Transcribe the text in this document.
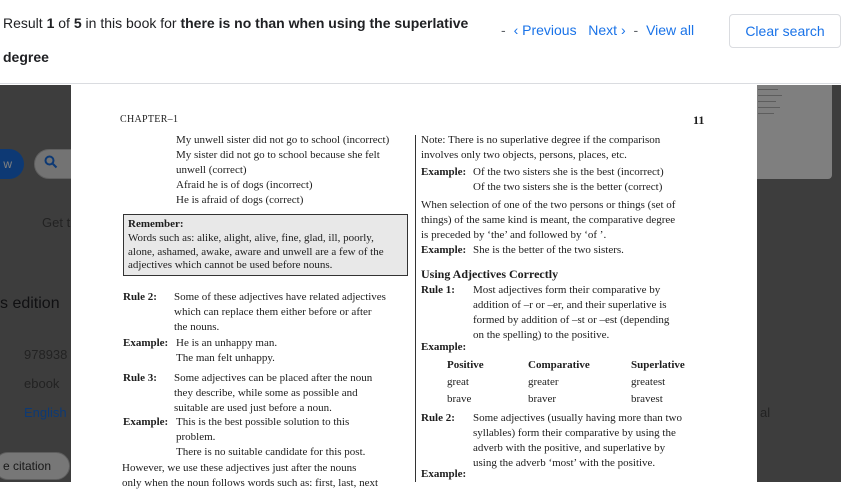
Result 1 of 5 in this book for there is no than when using the superlative degree
- ‹ Previous Next › - View all	Clear search
CHAPTER–1	11
My unwell sister did not go to school (incorrect)
My sister did not go to school because she felt
unwell (correct)
Afraid he is of dogs (incorrect)
He is afraid of dogs (correct)
Remember:
Words such as: alike, alight, alive, fine, glad, ill, poorly,
alone, ashamed, awake, aware and unwell are a few of the
adjectives which cannot be used before nouns.
Rule 2: Some of these adjectives have related adjectives
which can replace them either before or after
the nouns.
Example: He is an unhappy man.
The man felt unhappy.
Rule 3: Some adjectives can be placed after the noun
they describe, while some as possible and
suitable are used just before a noun.
Example: This is the best possible solution to this
problem.
There is no suitable candidate for this post.
However, we use these adjectives just after the nouns
only when the noun follows words such as: first, last, next
Note: There is no superlative degree if the comparison
involves only two objects, persons, places, etc.
Example: Of the two sisters she is the best (incorrect)
Of the two sisters she is the better (correct)
When selection of one of the two persons or things (set of
things) of the same kind is meant, the comparative degree
is preceded by ‘the’ and followed by ‘of ’.
Example: She is the better of the two sisters.
Using Adjectives Correctly
Rule 1: Most adjectives form their comparative by
addition of –r or –er, and their superlative is
formed by addition of –st or –est (depending
on the spelling) to the positive.
Example:
Positive	Comparative	Superlative
great	greater	greatest
brave	braver	bravest
Rule 2: Some adjectives (usually having more than two
syllables) form their comparative by using the
adverb with the positive, and superlative by
using the adverb ‘most’ with the positive.
Example:
